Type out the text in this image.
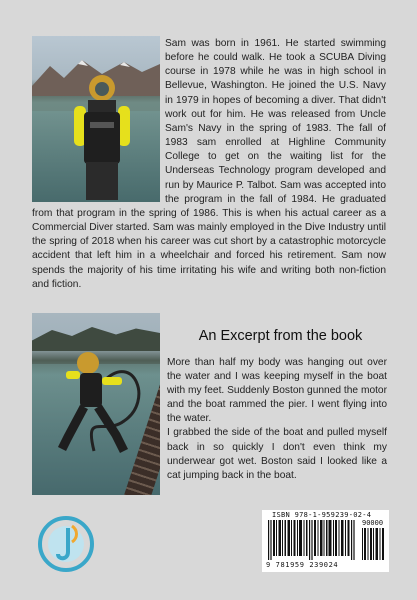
Sam was born in 1961. He started swimming before he could walk. He took a SCUBA Diving course in 1978 while he was in high school in Bellevue, Washington. He joined the U.S. Navy in 1979 in hopes of becoming a diver. That didn't work out for him. He was released from Uncle Sam's Navy in the spring of 1983. The fall of 1983 sam enrolled at Highline Community College to get on the waiting list for the Underseas Technology program developed and run by Maurice P. Talbot. Sam was accepted into the program in the fall of 1984. He graduated from that program in the spring of 1986. This is when his actual career as a Commercial Diver started. Sam was mainly employed in the Dive Industry until the spring of 2018 when his career was cut short by a catastrophic motorcycle accident that left him in a wheelchair and forced his retirement. Sam now spends the majority of his time irritating his wife and writing both non-fiction and fiction.
An Excerpt from the book

More than half my body was hanging out over the water and I was keeping myself in the boat with my feet. Suddenly Boston gunned the motor and the boat rammed the pier. I went flying into the water.

I grabbed the side of the boat and pulled myself back in so quickly I don't even think my underwear got wet. Boston said I looked like a cat jumping back in the boat.

ISBN 978-1-959239-02-4
90000
9 781959 239024
